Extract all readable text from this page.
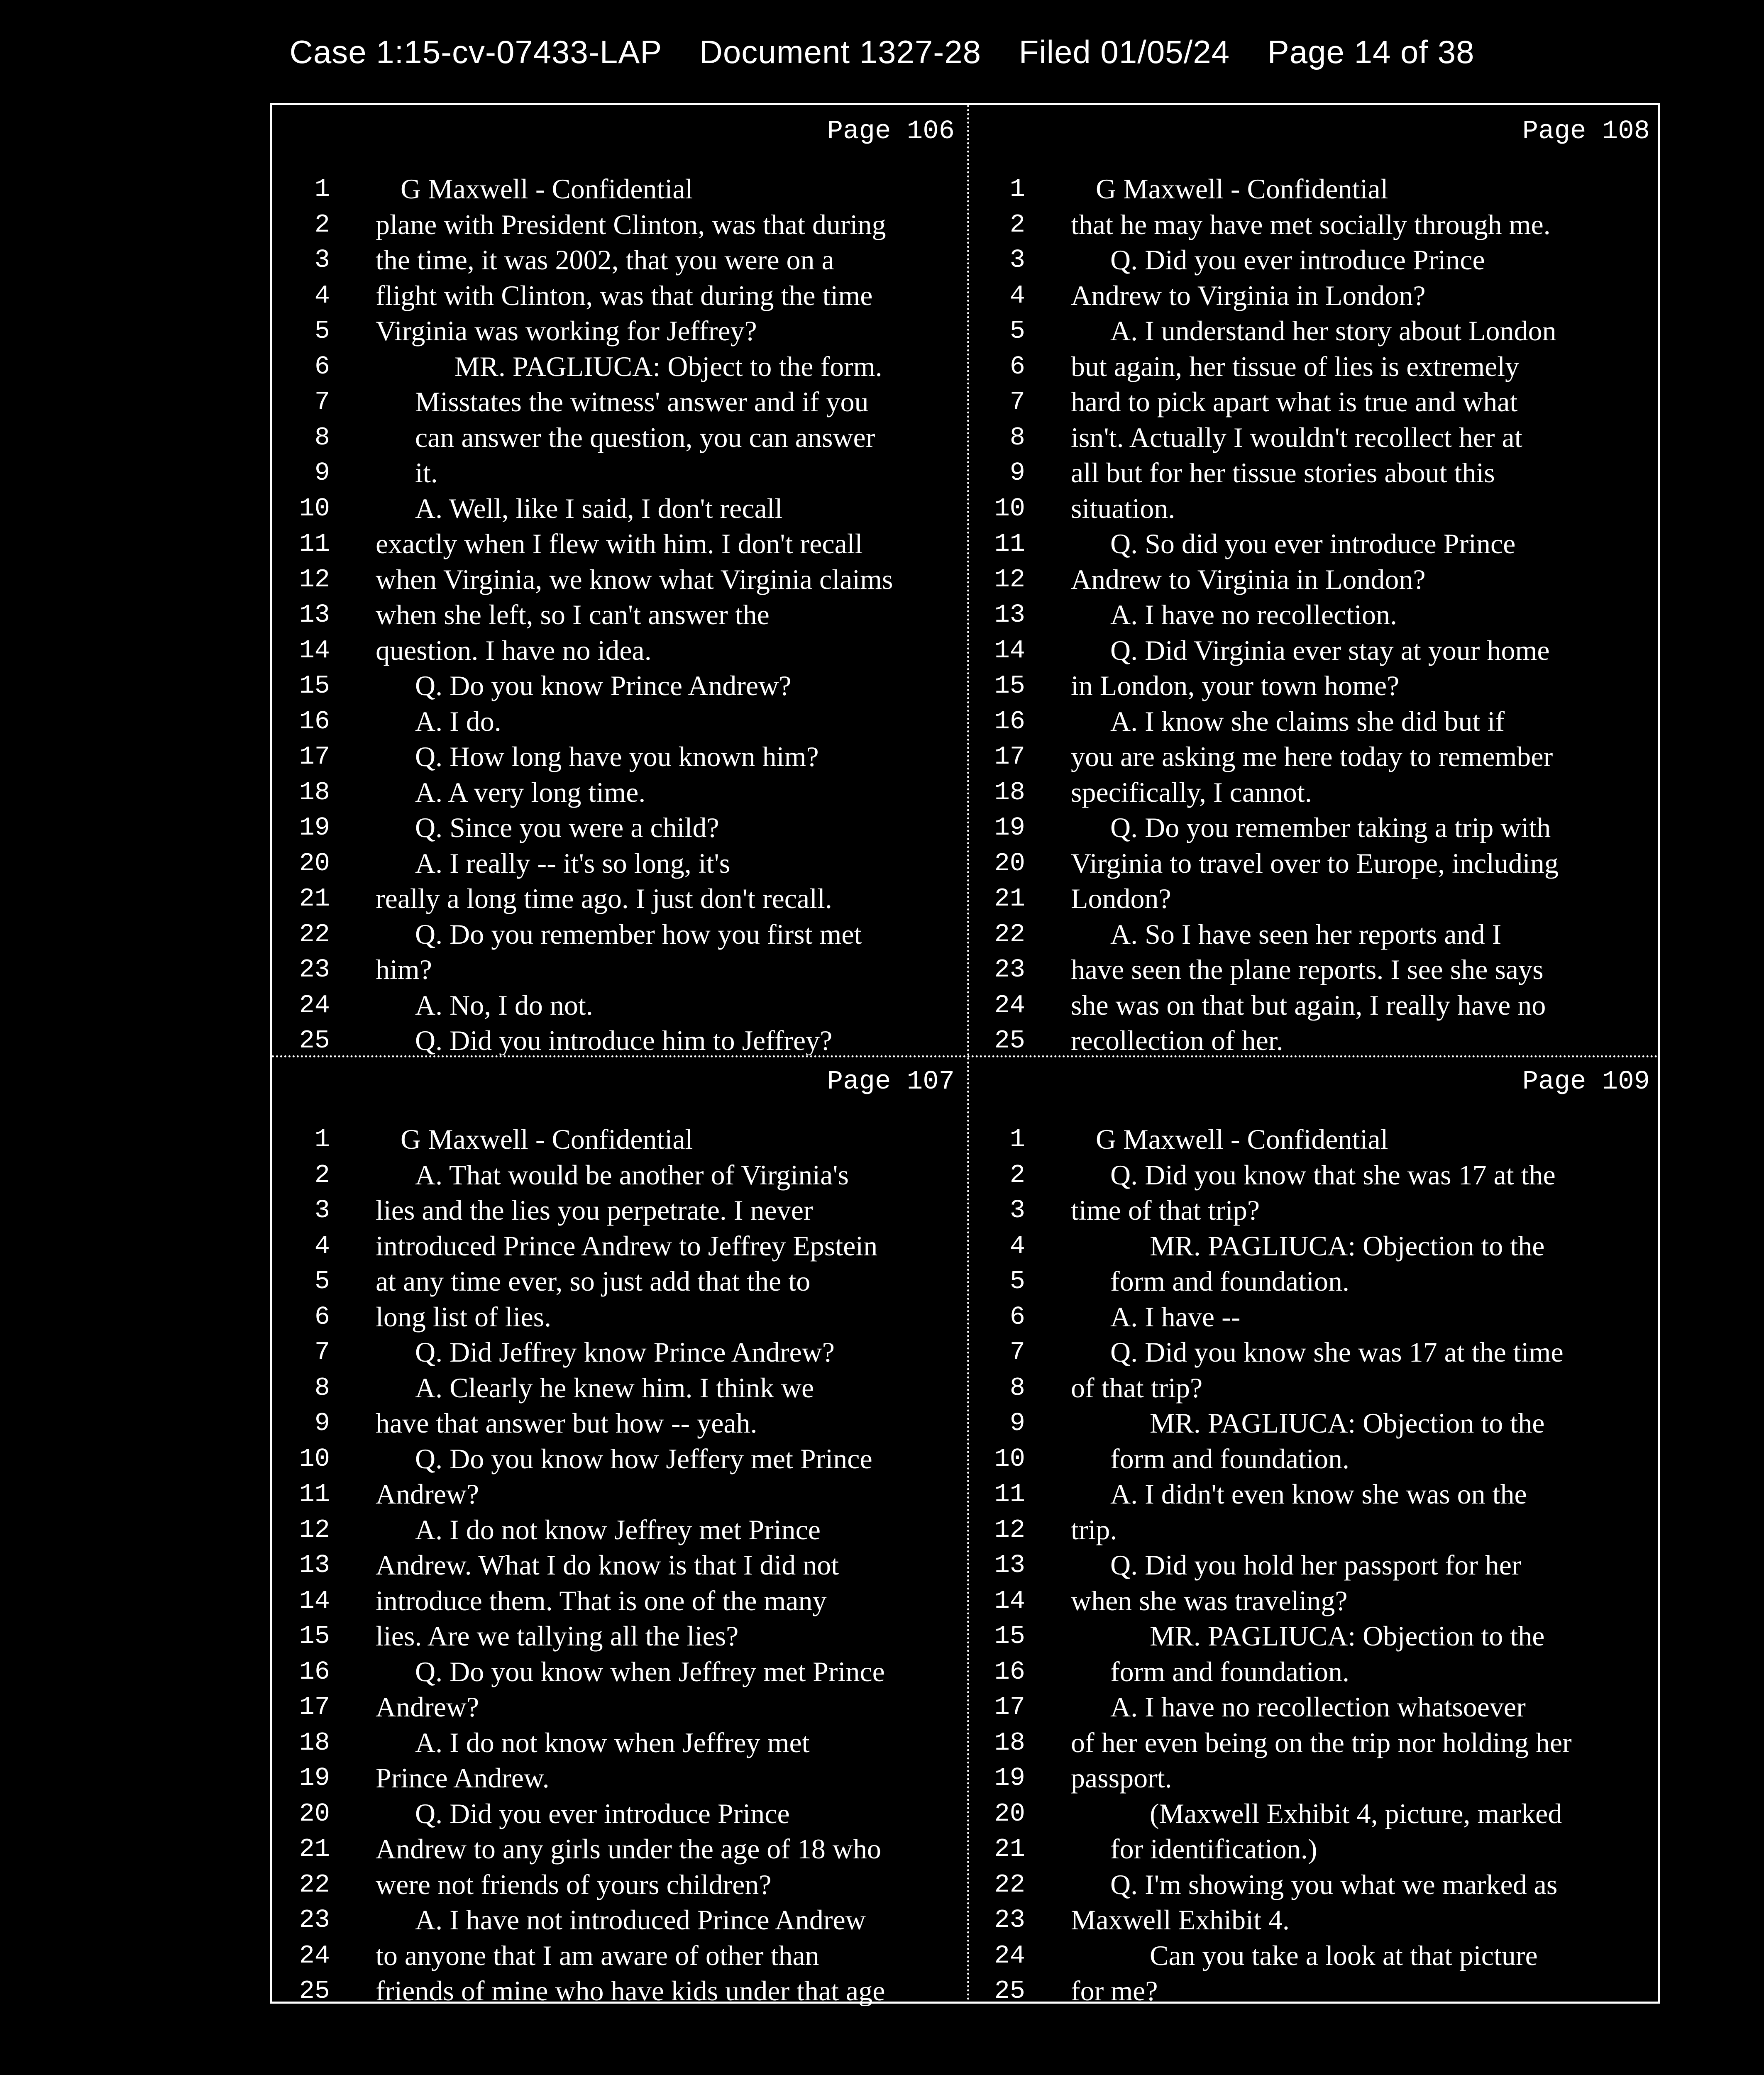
Case 1:15-cv-07433-LAP    Document 1327-28    Filed 01/05/24    Page 14 of 38
Page 106
1	G Maxwell - Confidential
2 plane with President Clinton, was that during
3 the time, it was 2002, that you were on a
4 flight with Clinton, was that during the time
5 Virginia was working for Jeffrey?
6	MR. PAGLIUCA: Object to the form.
7	Misstates the witness' answer and if you
8	can answer the question, you can answer
9	it.
10	A. Well, like I said, I don't recall
11 exactly when I flew with him. I don't recall
12 when Virginia, we know what Virginia claims
13 when she left, so I can't answer the
14 question. I have no idea.
15	Q. Do you know Prince Andrew?
16	A. I do.
17	Q. How long have you known him?
18	A. A very long time.
19	Q. Since you were a child?
20	A. I really -- it's so long, it's
21 really a long time ago. I just don't recall.
22	Q. Do you remember how you first met
23 him?
24	A. No, I do not.
25	Q. Did you introduce him to Jeffrey?
Page 108
1	G Maxwell - Confidential
2 that he may have met socially through me.
3	Q. Did you ever introduce Prince
4 Andrew to Virginia in London?
5	A. I understand her story about London
6 but again, her tissue of lies is extremely
7 hard to pick apart what is true and what
8 isn't. Actually I wouldn't recollect her at
9 all but for her tissue stories about this
10 situation.
11	Q. So did you ever introduce Prince
12 Andrew to Virginia in London?
13	A. I have no recollection.
14	Q. Did Virginia ever stay at your home
15 in London, your town home?
16	A. I know she claims she did but if
17 you are asking me here today to remember
18 specifically, I cannot.
19	Q. Do you remember taking a trip with
20 Virginia to travel over to Europe, including
21 London?
22	A. So I have seen her reports and I
23 have seen the plane reports. I see she says
24 she was on that but again, I really have no
25 recollection of her.
Page 107
1	G Maxwell - Confidential
2	A. That would be another of Virginia's
3 lies and the lies you perpetrate. I never
4 introduced Prince Andrew to Jeffrey Epstein
5 at any time ever, so just add that the to
6 long list of lies.
7	Q. Did Jeffrey know Prince Andrew?
8	A. Clearly he knew him. I think we
9 have that answer but how -- yeah.
10	Q. Do you know how Jeffery met Prince
11 Andrew?
12	A. I do not know Jeffrey met Prince
13 Andrew. What I do know is that I did not
14 introduce them. That is one of the many
15 lies. Are we tallying all the lies?
16	Q. Do you know when Jeffrey met Prince
17 Andrew?
18	A. I do not know when Jeffrey met
19 Prince Andrew.
20	Q. Did you ever introduce Prince
21 Andrew to any girls under the age of 18 who
22 were not friends of yours children?
23	A. I have not introduced Prince Andrew
24 to anyone that I am aware of other than
25 friends of mine who have kids under that age
Page 109
1	G Maxwell - Confidential
2	Q. Did you know that she was 17 at the
3 time of that trip?
4	MR. PAGLIUCA: Objection to the
5	form and foundation.
6	A. I have --
7	Q. Did you know she was 17 at the time
8 of that trip?
9	MR. PAGLIUCA: Objection to the
10	form and foundation.
11	A. I didn't even know she was on the
12 trip.
13	Q. Did you hold her passport for her
14 when she was traveling?
15	MR. PAGLIUCA: Objection to the
16	form and foundation.
17	A. I have no recollection whatsoever
18 of her even being on the trip nor holding her
19 passport.
20	(Maxwell Exhibit 4, picture, marked
21	for identification.)
22	Q. I'm showing you what we marked as
23 Maxwell Exhibit 4.
24	Can you take a look at that picture
25 for me?
